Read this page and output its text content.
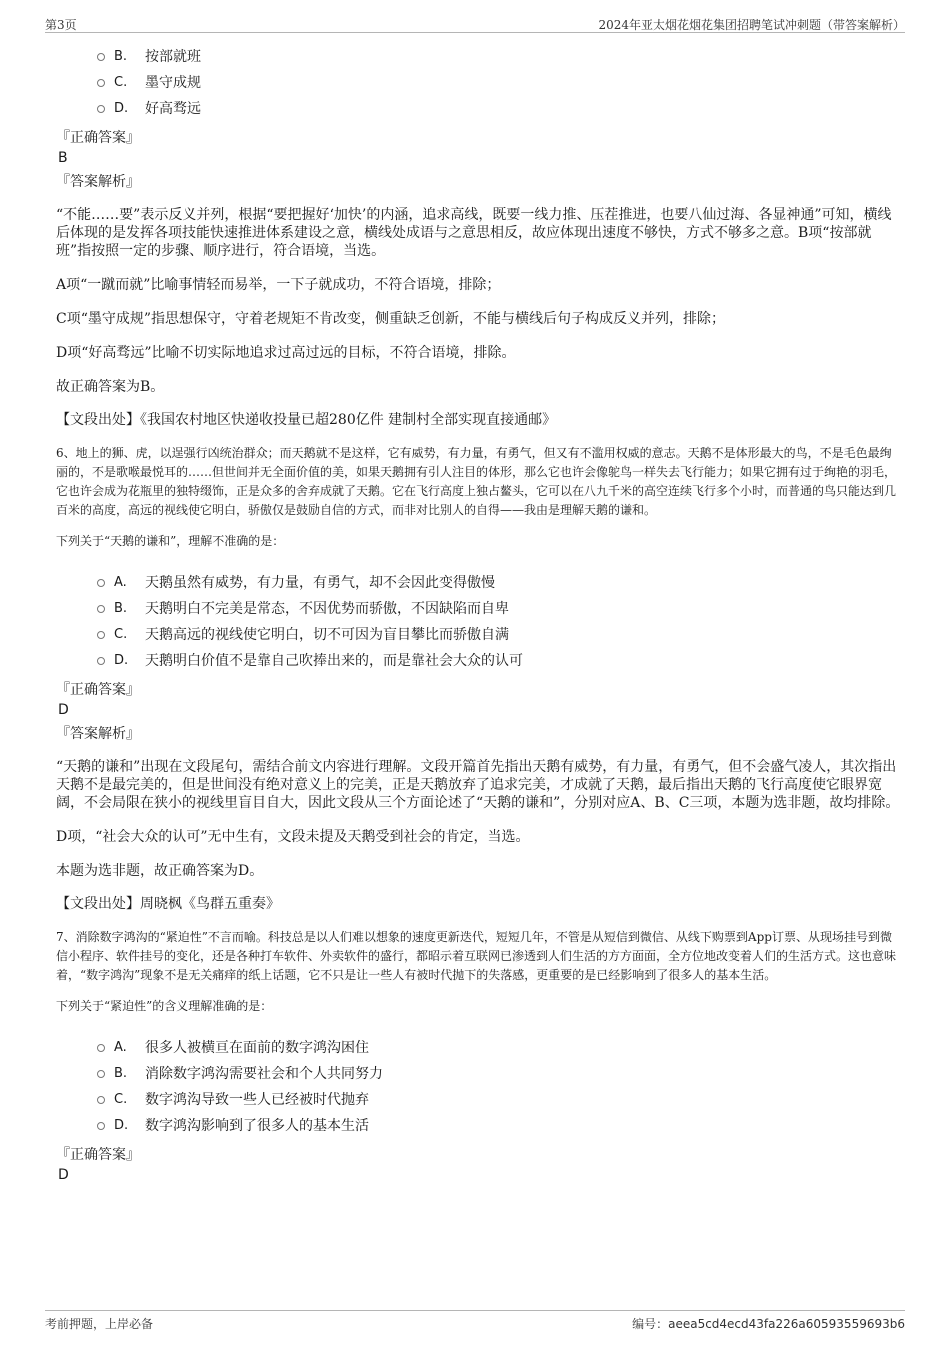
第3页	2024年亚太烟花烟花集团招聘笔试冲刺题（带答案解析）
B. 按部就班
C. 墨守成规
D. 好高骛远
『正确答案』
B
『答案解析』
“不能……要”表示反义并列，根据“要把握好‘加快’的内涵，追求高线，既要一线力推、压茬推进，也要八仙过海、各显神通”可知，横线后体现的是发挥各项技能快速推进体系建设之意，横线处成语与之意思相反，故应体现出速度不够快，方式不够多之意。B项“按部就班”指按照一定的步骤、顺序进行，符合语境，当选。
A项“一蹴而就”比喻事情轻而易举，一下子就成功，不符合语境，排除；
C项“墨守成规”指思想保守，守着老规矩不肯改变，侧重缺乏创新，不能与横线后句子构成反义并列，排除；
D项“好高骛远”比喻不切实际地追求过高过远的目标，不符合语境，排除。
故正确答案为B。
【文段出处】《我国农村地区快递收投量已超280亿件 建制村全部实现直接通邮》
6、地上的狮、虎，以逞强行凶统治群众；而天鹅就不是这样，它有威势，有力量，有勇气，但又有不滥用权威的意志。天鹅不是体形最大的鸟，不是毛色最绚丽的，不是歌喉最悦耳的……但世间并无全面价值的美，如果天鹅拥有引人注目的体形，那么它也许会像鸵鸟一样失去飞行能力；如果它拥有过于绚艳的羽毛，它也许会成为花瓶里的独特缀饰，正是众多的舍弃成就了天鹅。它在飞行高度上独占鳌头，它可以在八九千米的高空连续飞行多个小时，而普通的鸟只能达到几百米的高度，高远的视线使它明白，骄傲仅是鼓励自信的方式，而非对比别人的自得——我由是理解天鹅的谦和。
下列关于“天鹅的谦和”，理解不准确的是：
A. 天鹅虽然有威势，有力量，有勇气，却不会因此变得傲慢
B. 天鹅明白不完美是常态，不因优势而骄傲，不因缺陷而自卑
C. 天鹅高远的视线使它明白，切不可因为盲目攀比而骄傲自满
D. 天鹅明白价值不是靠自己吹捧出来的，而是靠社会大众的认可
『正确答案』
D
『答案解析』
“天鹅的谦和”出现在文段尾句，需结合前文内容进行理解。文段开篇首先指出天鹅有威势，有力量，有勇气，但不会盛气凌人，其次指出天鹅不是最完美的，但是世间没有绝对意义上的完美，正是天鹅放弃了追求完美，才成就了天鹅，最后指出天鹅的飞行高度使它眼界宽阔，不会局限在狭小的视线里盲目自大，因此文段从三个方面论述了“天鹅的谦和”，分别对应A、B、C三项，本题为选非题，故均排除。
D项，“社会大众的认可”无中生有，文段未提及天鹅受到社会的肯定，当选。
本题为选非题，故正确答案为D。
【文段出处】周晓枫《鸟群五重奏》
7、消除数字鸿沟的“紧迫性”不言而喻。科技总是以人们难以想象的速度更新迭代，短短几年，不管是从短信到微信、从线下购票到App订票、从现场挂号到微信小程序、软件挂号的变化，还是各种打车软件、外卖软件的盛行，都昭示着互联网已渗透到人们生活的方方面面，全方位地改变着人们的生活方式。这也意味着，“数字鸿沟”现象不是无关痛痒的纸上话题，它不只是让一些人有被时代抛下的失落感，更重要的是已经影响到了很多人的基本生活。
下列关于“紧迫性”的含义理解准确的是：
A. 很多人被横亘在面前的数字鸿沟困住
B. 消除数字鸿沟需要社会和个人共同努力
C. 数字鸿沟导致一些人已经被时代抛弃
D. 数字鸿沟影响到了很多人的基本生活
『正确答案』
D
考前押题，上岸必备	编号：aeea5cd4ecd43fa226a60593559693b6
